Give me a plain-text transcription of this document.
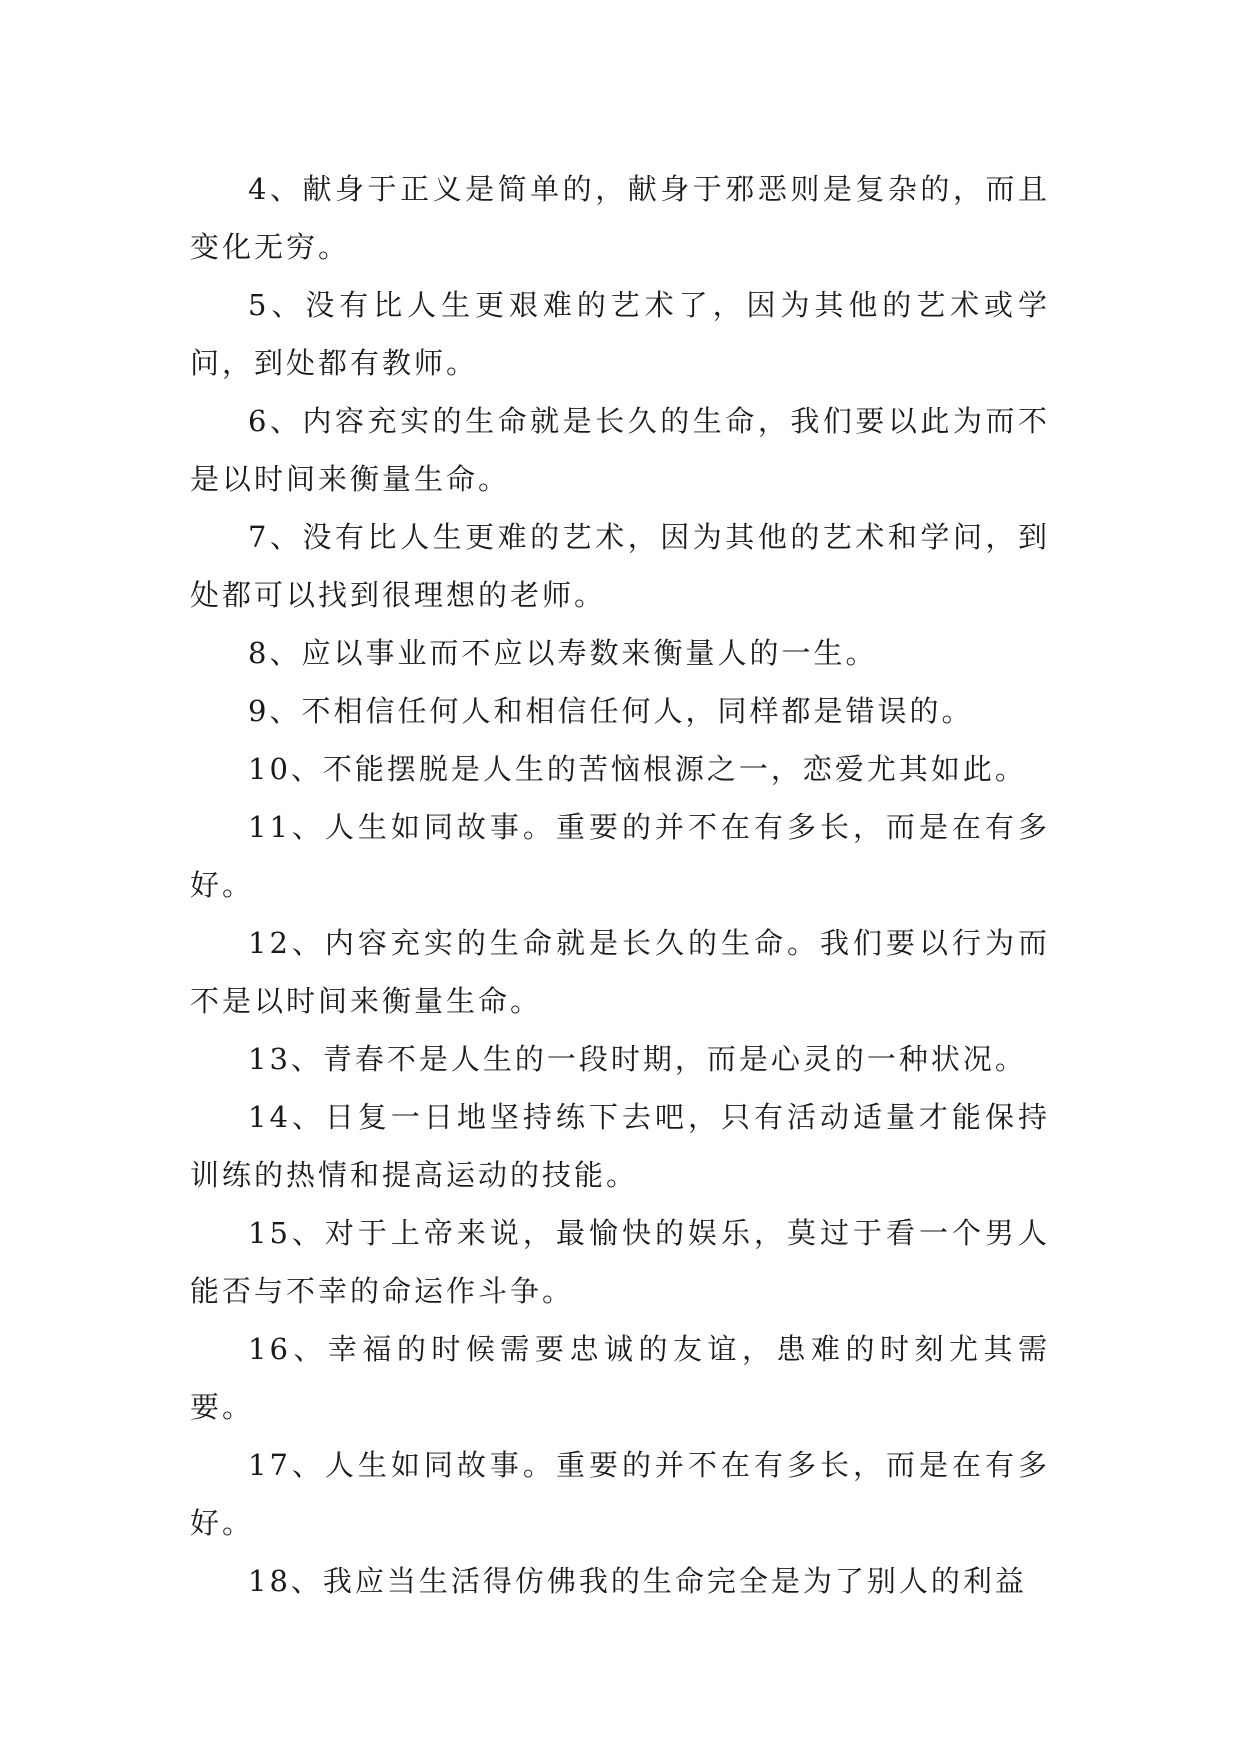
4、献身于正义是简单的，献身于邪恶则是复杂的，而且变化无穷。

5、没有比人生更艰难的艺术了，因为其他的艺术或学问，到处都有教师。

6、内容充实的生命就是长久的生命，我们要以此为而不是以时间来衡量生命。

7、没有比人生更难的艺术，因为其他的艺术和学问，到处都可以找到很理想的老师。

8、应以事业而不应以寿数来衡量人的一生。

9、不相信任何人和相信任何人，同样都是错误的。

10、不能摆脱是人生的苦恼根源之一，恋爱尤其如此。

11、人生如同故事。重要的并不在有多长，而是在有多好。

12、内容充实的生命就是长久的生命。我们要以行为而不是以时间来衡量生命。

13、青春不是人生的一段时期，而是心灵的一种状况。

14、日复一日地坚持练下去吧，只有活动适量才能保持训练的热情和提高运动的技能。

15、对于上帝来说，最愉快的娱乐，莫过于看一个男人能否与不幸的命运作斗争。

16、幸福的时候需要忠诚的友谊，患难的时刻尤其需要。

17、人生如同故事。重要的并不在有多长，而是在有多好。

18、我应当生活得仿佛我的生命完全是为了别人的利益
